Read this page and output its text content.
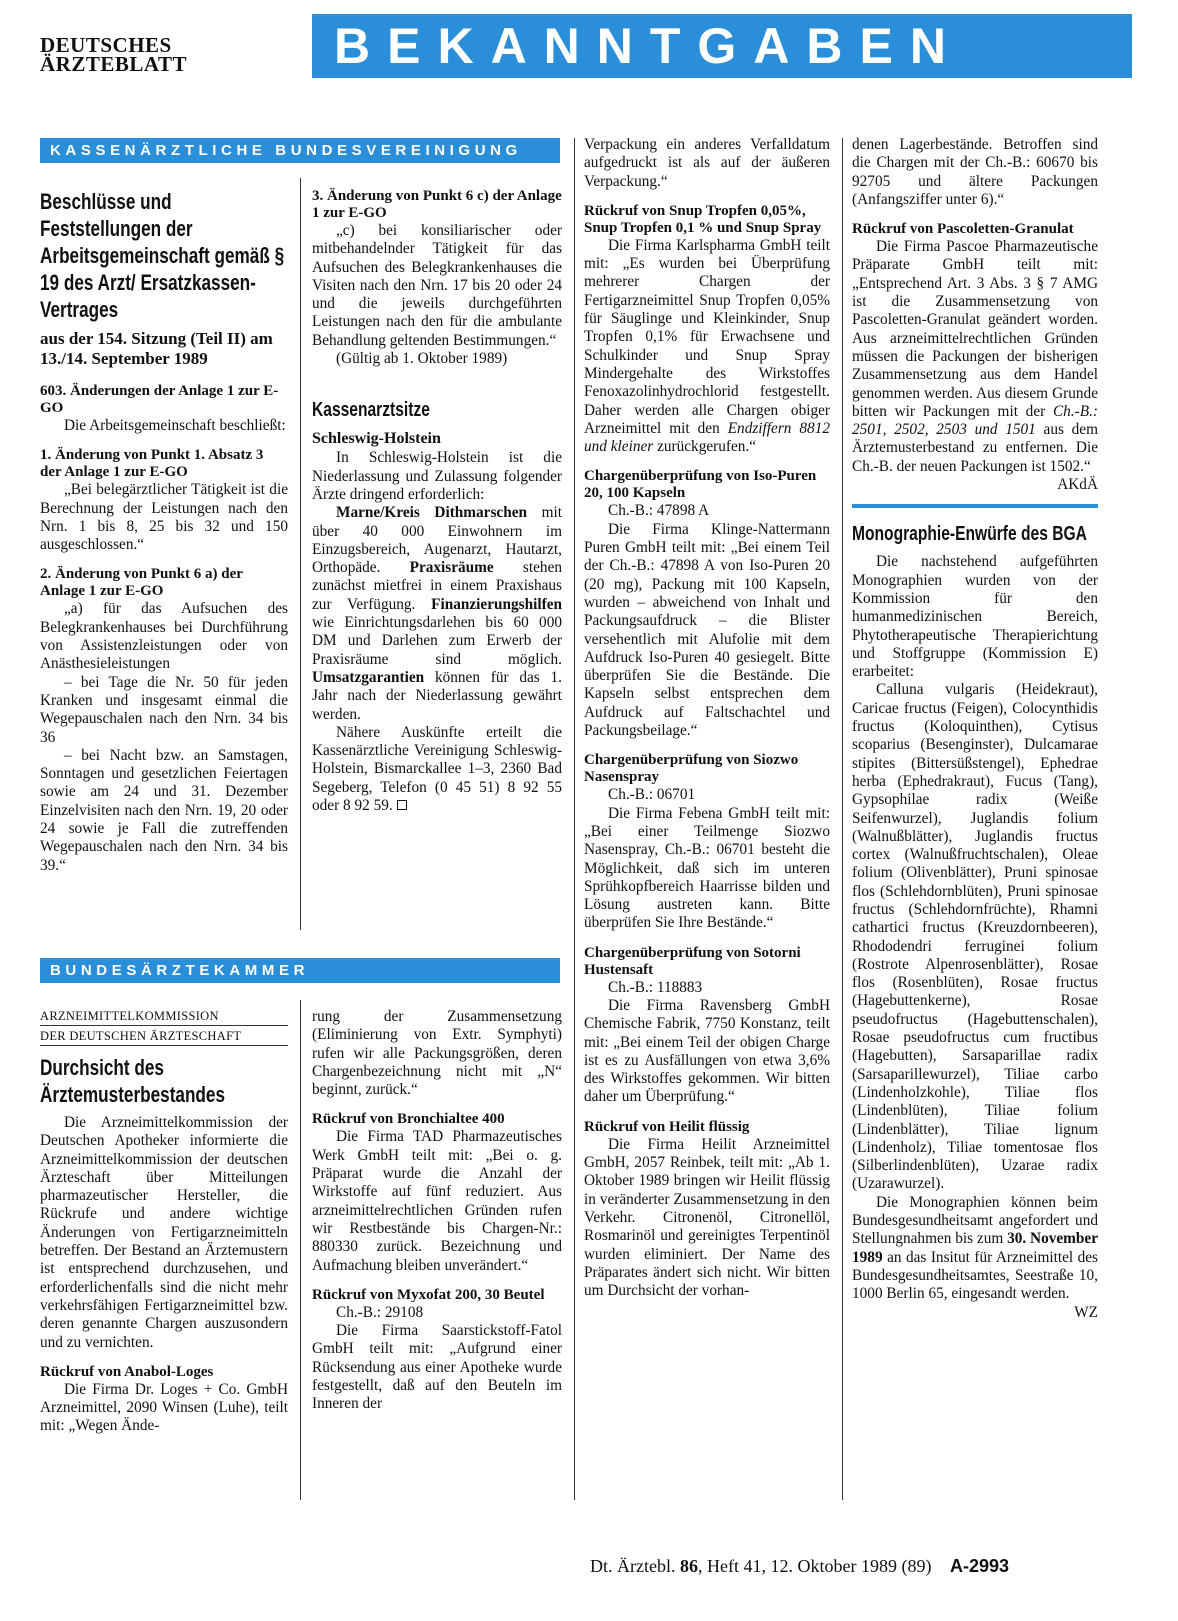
DEUTSCHES
ÄRZTEBLATT	BEKANNTGABEN
KASSENÄRZTLICHE BUNDESVEREINIGUNG
Beschlüsse und Feststellungen der Arbeitsgemeinschaft gemäß § 19 des Arzt/ Ersatzkassen-Vertrages
aus der 154. Sitzung (Teil II) am 13./14. September 1989
603. Änderungen der Anlage 1 zur E-GO
Die Arbeitsgemeinschaft beschließt:
1. Änderung von Punkt 1. Absatz 3 der Anlage 1 zur E-GO
„Bei belegärztlicher Tätigkeit ist die Berechnung der Leistungen nach den Nrn. 1 bis 8, 25 bis 32 und 150 ausgeschlossen.“
2. Änderung von Punkt 6 a) der Anlage 1 zur E-GO
„a) für das Aufsuchen des Belegkrankenhauses bei Durchführung von Assistenzleistungen oder von Anästhesieleistungen
– bei Tage die Nr. 50 für jeden Kranken und insgesamt einmal die Wegepauschalen nach den Nrn. 34 bis 36
– bei Nacht bzw. an Samstagen, Sonntagen und gesetzlichen Feiertagen sowie am 24 und 31. Dezember Einzelvisiten nach den Nrn. 19, 20 oder 24 sowie je Fall die zutreffenden Wegepauschalen nach den Nrn. 34 bis 39.“
3. Änderung von Punkt 6 c) der Anlage 1 zur E-GO
„c) bei konsiliarischer oder mitbehandelnder Tätigkeit für das Aufsuchen des Belegkrankenhauses die Visiten nach den Nrn. 17 bis 20 oder 24 und die jeweils durchgeführten Leistungen nach den für die ambulante Behandlung geltenden Bestimmungen.“
(Gültig ab 1. Oktober 1989)
Kassenarztsitze
Schleswig-Holstein
In Schleswig-Holstein ist die Niederlassung und Zulassung folgender Ärzte dringend erforderlich:
Marne/Kreis Dithmarschen mit über 40 000 Einwohnern im Einzugsbereich, Augenarzt, Hautarzt, Orthopäde. Praxisräume stehen zunächst mietfrei in einem Praxishaus zur Verfügung. Finanzierungshilfen wie Einrichtungsdarlehen bis 60 000 DM und Darlehen zum Erwerb der Praxisräume sind möglich. Umsatzgarantien können für das 1. Jahr nach der Niederlassung gewährt werden.
Nähere Auskünfte erteilt die Kassenärztliche Vereinigung Schleswig-Holstein, Bismarckallee 1–3, 2360 Bad Segeberg, Telefon (0 45 51) 8 92 55 oder 8 92 59.
BUNDESÄRZTEKAMMER
ARZNEIMITTELKOMMISSION
DER DEUTSCHEN ÄRZTESCHAFT
Durchsicht des Ärztemusterbestandes
Die Arzneimittelkommission der Deutschen Apotheker informierte die Arzneimittelkommission der deutschen Ärzteschaft über Mitteilungen pharmazeutischer Hersteller, die Rückrufe und andere wichtige Änderungen von Fertigarzneimitteln betreffen. Der Bestand an Ärztemustern ist entsprechend durchzusehen, und erforderlichenfalls sind die nicht mehr verkehrsfähigen Fertigarzneimittel bzw. deren genannte Chargen auszusondern und zu vernichten.
Rückruf von Anabol-Loges
Die Firma Dr. Loges + Co. GmbH Arzneimittel, 2090 Winsen (Luhe), teilt mit: „Wegen Ände-
rung der Zusammensetzung (Eliminierung von Extr. Symphyti) rufen wir alle Packungsgrößen, deren Chargenbezeichnung nicht mit „N“ beginnt, zurück.“
Rückruf von Bronchialtee 400
Die Firma TAD Pharmazeutisches Werk GmbH teilt mit: „Bei o. g. Präparat wurde die Anzahl der Wirkstoffe auf fünf reduziert. Aus arzneimittelrechtlichen Gründen rufen wir Restbestände bis Chargen-Nr.: 880330 zurück. Bezeichnung und Aufmachung bleiben unverändert.“
Rückruf von Myxofat 200, 30 Beutel
Ch.-B.: 29108
Die Firma Saarstickstoff-Fatol GmbH teilt mit: „Aufgrund einer Rücksendung aus einer Apotheke wurde festgestellt, daß auf den Beuteln im Inneren der
Verpackung ein anderes Verfalldatum aufgedruckt ist als auf der äußeren Verpackung.“
Rückruf von Snup Tropfen 0,05%, Snup Tropfen 0,1 % und Snup Spray
Die Firma Karlspharma GmbH teilt mit: „Es wurden bei Überprüfung mehrerer Chargen der Fertigarzneimittel Snup Tropfen 0,05% für Säuglinge und Kleinkinder, Snup Tropfen 0,1% für Erwachsene und Schulkinder und Snup Spray Mindergehalte des Wirkstoffes Fenoxazolinhydrochlorid festgestellt. Daher werden alle Chargen obiger Arzneimittel mit den Endziffern 8812 und kleiner zurückgerufen.“
Chargenüberprüfung von Iso-Puren 20, 100 Kapseln
Ch.-B.: 47898 A
Die Firma Klinge-Nattermann Puren GmbH teilt mit: „Bei einem Teil der Ch.-B.: 47898 A von Iso-Puren 20 (20 mg), Packung mit 100 Kapseln, wurden – abweichend von Inhalt und Packungsaufdruck – die Blister versehentlich mit Alufolie mit dem Aufdruck Iso-Puren 40 gesiegelt. Bitte überprüfen Sie die Bestände. Die Kapseln selbst entsprechen dem Aufdruck auf Faltschachtel und Packungsbeilage.“
Chargenüberprüfung von Siozwo Nasenspray
Ch.-B.: 06701
Die Firma Febena GmbH teilt mit: „Bei einer Teilmenge Siozwo Nasenspray, Ch.-B.: 06701 besteht die Möglichkeit, daß sich im unteren Sprühkopfbereich Haarrisse bilden und Lösung austreten kann. Bitte überprüfen Sie Ihre Bestände.“
Chargenüberprüfung von Sotorni Hustensaft
Ch.-B.: 118883
Die Firma Ravensberg GmbH Chemische Fabrik, 7750 Konstanz, teilt mit: „Bei einem Teil der obigen Charge ist es zu Ausfällungen von etwa 3,6% des Wirkstoffes gekommen. Wir bitten daher um Überprüfung.“
Rückruf von Heilit flüssig
Die Firma Heilit Arzneimittel GmbH, 2057 Reinbek, teilt mit: „Ab 1. Oktober 1989 bringen wir Heilit flüssig in veränderter Zusammensetzung in den Verkehr. Citronenöl, Citronellöl, Rosmarinöl und gereinigtes Terpentinöl wurden eliminiert. Der Name des Präparates ändert sich nicht. Wir bitten um Durchsicht der vorhan-
denen Lagerbestände. Betroffen sind die Chargen mit der Ch.-B.: 60670 bis 92705 und ältere Packungen (Anfangsziffer unter 6).“
Rückruf von Pascoletten-Granulat
Die Firma Pascoe Pharmazeutische Präparate GmbH teilt mit: „Entsprechend Art. 3 Abs. 3 § 7 AMG ist die Zusammensetzung von Pascoletten-Granulat geändert worden. Aus arzneimittelrechtlichen Gründen müssen die Packungen der bisherigen Zusammensetzung aus dem Handel genommen werden. Aus diesem Grunde bitten wir Packungen mit der Ch.-B.: 2501, 2502, 2503 und 1501 aus dem Ärztemusterbestand zu entfernen. Die Ch.-B. der neuen Packungen ist 1502.“
AKdÄ
Monographie-Enwürfe des BGA
Die nachstehend aufgeführten Monographien wurden von der Kommission für den humanmedizinischen Bereich, Phytotherapeutische Therapierichtung und Stoffgruppe (Kommission E) erarbeitet:
Calluna vulgaris (Heidekraut), Caricae fructus (Feigen), Colocynthidis fructus (Koloquinthen), Cytisus scoparius (Besenginster), Dulcamarae stipites (Bittersüßstengel), Ephedrae herba (Ephedrakraut), Fucus (Tang), Gypsophilae radix (Weiße Seifenwurzel), Juglandis folium (Walnußblätter), Juglandis fructus cortex (Walnußfruchtschalen), Oleae folium (Olivenblätter), Pruni spinosae flos (Schlehdornblüten), Pruni spinosae fructus (Schlehdornfrüchte), Rhamni cathartici fructus (Kreuzdornbeeren), Rhododendri ferruginei folium (Rostrote Alpenrosenblätter), Rosae flos (Rosenblüten), Rosae fructus (Hagebuttenkerne), Rosae pseudofructus (Hagebuttenschalen), Rosae pseudofructus cum fructibus (Hagebutten), Sarsaparillae radix (Sarsaparillewurzel), Tiliae carbo (Lindenholzkohle), Tiliae flos (Lindenblüten), Tiliae folium (Lindenblätter), Tiliae lignum (Lindenholz), Tiliae tomentosae flos (Silberlindenblüten), Uzarae radix (Uzarawurzel).
Die Monographien können beim Bundesgesundheitsamt angefordert und Stellungnahmen bis zum 30. November 1989 an das Insitut für Arzneimittel des Bundesgesundheitsamtes, Seestraße 10, 1000 Berlin 65, eingesandt werden.
WZ
Dt. Ärztebl. 86, Heft 41, 12. Oktober 1989 (89) A-2993
